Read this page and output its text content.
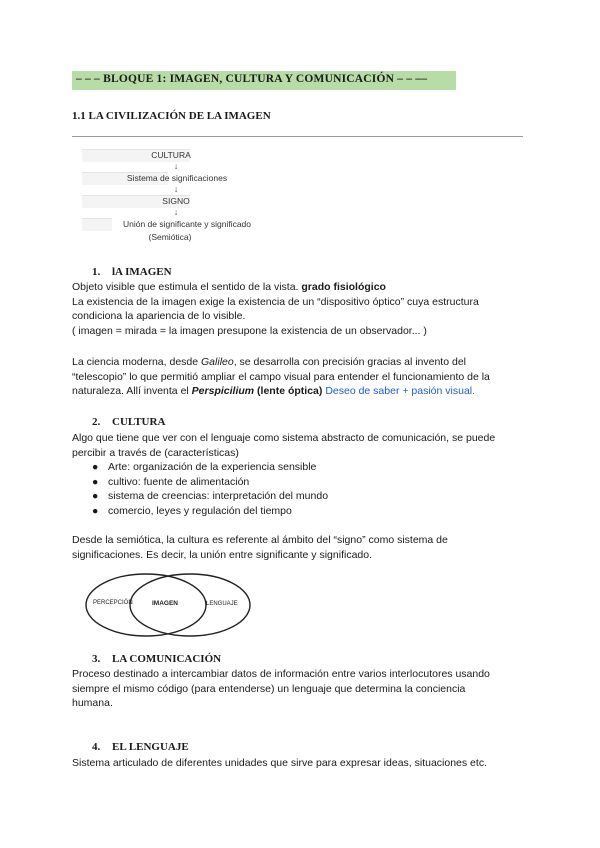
– – – BLOQUE 1: IMAGEN, CULTURA Y COMUNICACIÓN – – ––
1.1 LA CIVILIZACIÓN DE LA IMAGEN
CULTURA
↓
Sistema de significaciones
↓
SIGNO
↓
Unión de significante y significado
(Semiótica)
1. lA IMAGEN
Objeto visible que estimula el sentido de la vista. grado fisiológico
La existencia de la imagen exige la existencia de un “dispositivo óptico” cuya estructura
condiciona la apariencia de lo visible.
( imagen = mirada = la imagen presupone la existencia de un observador... )
La ciencia moderna, desde Galileo, se desarrolla con precisión gracias al invento del
“telescopio” lo que permitió ampliar el campo visual para entender el funcionamiento de la
naturaleza. Allí inventa el Perspicilium (lente óptica) Deseo de saber + pasión visual.
2. CULTURA
Algo que tiene que ver con el lenguaje como sistema abstracto de comunicación, se puede
percibir a través de (características)
● Arte: organización de la experiencia sensible
● cultivo: fuente de alimentación
● sistema de creencias: interpretación del mundo
● comercio, leyes y regulación del tiempo
Desde la semiótica, la cultura es referente al ámbito del “signo” como sistema de
significaciones. Es decir, la unión entre significante y significado.
PERCEPCIÓN	IMAGEN	LENGUAJE
3. LA COMUNICACIÓN
Proceso destinado a intercambiar datos de información entre varios interlocutores usando
siempre el mismo código (para entenderse) un lenguaje que determina la conciencia
humana.
4. EL LENGUAJE
Sistema articulado de diferentes unidades que sirve para expresar ideas, situaciones etc.
